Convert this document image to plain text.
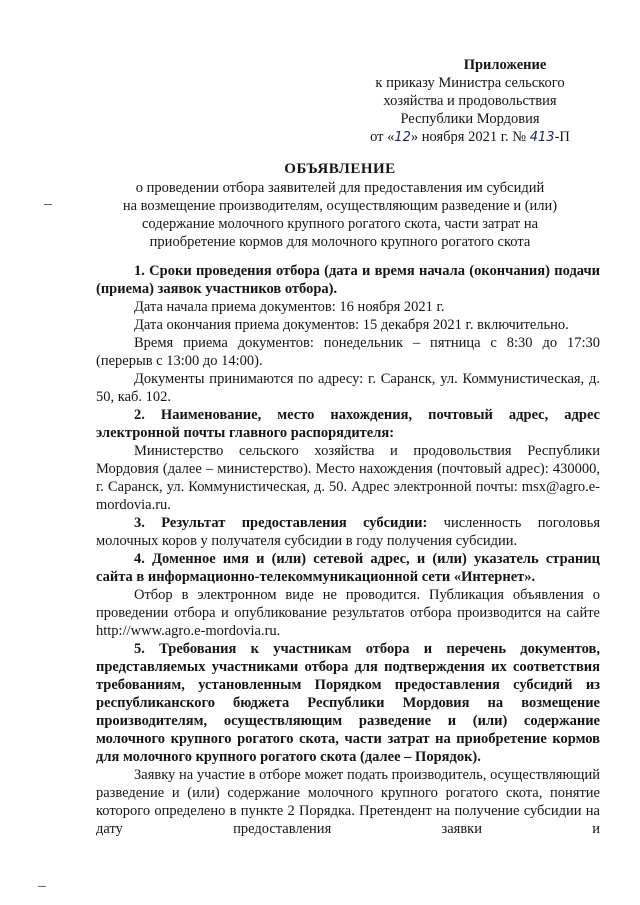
Приложение
к приказу Министра сельского
хозяйства и продовольствия
Республики Мордовия
от «12» ноября 2021 г. № 413-П
ОБЪЯВЛЕНИЕ
о проведении отбора заявителей для предоставления им субсидий
на возмещение производителям, осуществляющим разведение и (или)
содержание молочного крупного рогатого скота, части затрат на
приобретение кормов для молочного крупного рогатого скота

1. Сроки проведения отбора (дата и время начала (окончания) подачи (приема) заявок участников отбора).

Дата начала приема документов: 16 ноября 2021 г.

Дата окончания приема документов: 15 декабря 2021 г. включительно.

Время приема документов: понедельник – пятница с 8:30 до 17:30 (перерыв с 13:00 до 14:00).

Документы принимаются по адресу: г. Саранск, ул. Коммунистическая, д. 50, каб. 102.

2. Наименование, место нахождения, почтовый адрес, адрес электронной почты главного распорядителя:

Министерство сельского хозяйства и продовольствия Республики Мордовия (далее – министерство). Место нахождения (почтовый адрес): 430000, г. Саранск, ул. Коммунистическая, д. 50. Адрес электронной почты: msx@agro.e-mordovia.ru.

3. Результат предоставления субсидии: численность поголовья молочных коров у получателя субсидии в году получения субсидии.

4. Доменное имя и (или) сетевой адрес, и (или) указатель страниц сайта в информационно-телекоммуникационной сети «Интернет».

Отбор в электронном виде не проводится. Публикация объявления о проведении отбора и опубликование результатов отбора производится на сайте http://www.agro.e-mordovia.ru.

5. Требования к участникам отбора и перечень документов, представляемых участниками отбора для подтверждения их соответствия требованиям, установленным Порядком предоставления субсидий из республиканского бюджета Республики Мордовия на возмещение производителям, осуществляющим разведение и (или) содержание молочного крупного рогатого скота, части затрат на приобретение кормов для молочного крупного рогатого скота (далее – Порядок).

Заявку на участие в отборе может подать производитель, осуществляющий разведение и (или) содержание молочного крупного рогатого скота, понятие которого определено в пункте 2 Порядка. Претендент на получение субсидии на дату предоставления заявки и
